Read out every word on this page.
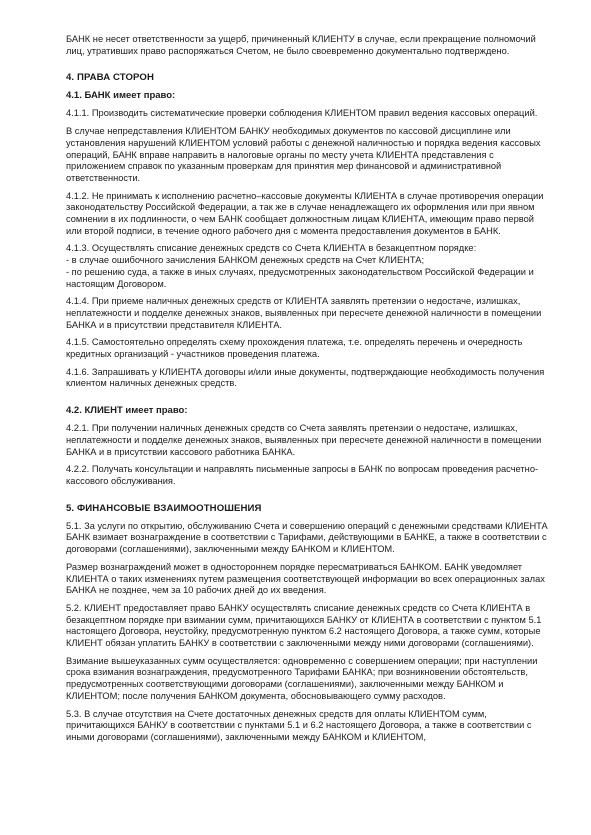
БАНК не несет ответственности за ущерб, причиненный КЛИЕНТУ в случае, если прекращение полномочий лиц, утративших право распоряжаться Счетом, не было своевременно документально подтверждено.

4. ПРАВА СТОРОН
4.1. БАНК имеет право:

4.1.1. Производить систематические проверки соблюдения КЛИЕНТОМ правил ведения кассовых операций.

В случае непредставления КЛИЕНТОМ БАНКУ необходимых документов по кассовой дисциплине или установления нарушений КЛИЕНТОМ условий работы с денежной наличностью и порядка ведения кассовых операций, БАНК вправе направить в налоговые органы по месту учета КЛИЕНТА представления с приложением справок по указанным проверкам для принятия мер финансовой и административной ответственности.

4.1.2. Не принимать к исполнению расчетно–кассовые документы КЛИЕНТА в случае противоречия операции законодательству Российской Федерации, а так же в случае ненадлежащего их оформления или при явном сомнении в их подлинности, о чем БАНК сообщает должностным лицам КЛИЕНТА, имеющим право первой или второй подписи, в течение одного рабочего дня с момента предоставления документов в БАНК.

4.1.3. Осуществлять списание денежных средств со Счета КЛИЕНТА в безакцептном порядке:
- в случае ошибочного зачисления БАНКОМ денежных средств на Счет КЛИЕНТА;
- по решению суда, а также в иных случаях, предусмотренных законодательством Российской Федерации и настоящим Договором.

4.1.4. При приеме наличных денежных средств от КЛИЕНТА заявлять претензии о недостаче, излишках, неплатежности и подделке денежных знаков, выявленных при пересчете денежной наличности в помещении БАНКА и в присутствии представителя КЛИЕНТА.

4.1.5. Самостоятельно определять схему прохождения платежа, т.е. определять перечень и очередность кредитных организаций - участников проведения платежа.

4.1.6. Запрашивать у КЛИЕНТА договоры и/или иные документы, подтверждающие необходимость получения клиентом наличных денежных средств.

4.2. КЛИЕНТ имеет право:

4.2.1. При получении наличных денежных средств со Счета заявлять претензии о недостаче, излишках, неплатежности и подделке денежных знаков, выявленных при пересчете денежной наличности в помещении БАНКА и в присутствии кассового работника БАНКА.

4.2.2. Получать консультации и направлять письменные запросы в БАНК по вопросам проведения расчетно-кассового обслуживания.

5. ФИНАНСОВЫЕ ВЗАИМООТНОШЕНИЯ

5.1. За услуги по открытию, обслуживанию Счета и совершению операций с денежными средствами КЛИЕНТА БАНК взимает вознаграждение в соответствии с Тарифами, действующими в БАНКЕ, а также в соответствии с договорами (соглашениями), заключенными между БАНКОМ и КЛИЕНТОМ.

Размер вознаграждений может в одностороннем порядке пересматриваться БАНКОМ. БАНК уведомляет КЛИЕНТА о таких изменениях путем размещения соответствующей информации во всех операционных залах БАНКА не позднее, чем за 10 рабочих дней до их введения.

5.2. КЛИЕНТ предоставляет право БАНКУ осуществлять списание денежных средств со Счета КЛИЕНТА в безакцептном порядке при взимании сумм, причитающихся БАНКУ от КЛИЕНТА в соответствии с пунктом 5.1 настоящего Договора, неустойку, предусмотренную пунктом 6.2 настоящего Договора, а также сумм, которые КЛИЕНТ обязан уплатить БАНКУ в соответствии с заключенными между ними договорами (соглашениями).

Взимание вышеуказанных сумм осуществляется: одновременно с совершением операции; при наступлении срока взимания вознаграждения, предусмотренного Тарифами БАНКА; при возникновении обстоятельств, предусмотренных соответствующими договорами (соглашениями), заключенными между БАНКОМ и КЛИЕНТОМ; после получения БАНКОМ документа, обосновывающего сумму расходов.

5.3. В случае отсутствия на Счете достаточных денежных средств для оплаты КЛИЕНТОМ сумм, причитающихся БАНКУ в соответствии с пунктами 5.1 и 6.2 настоящего Договора, а также в соответствии с иными договорами (соглашениями), заключенными между БАНКОМ и КЛИЕНТОМ,
